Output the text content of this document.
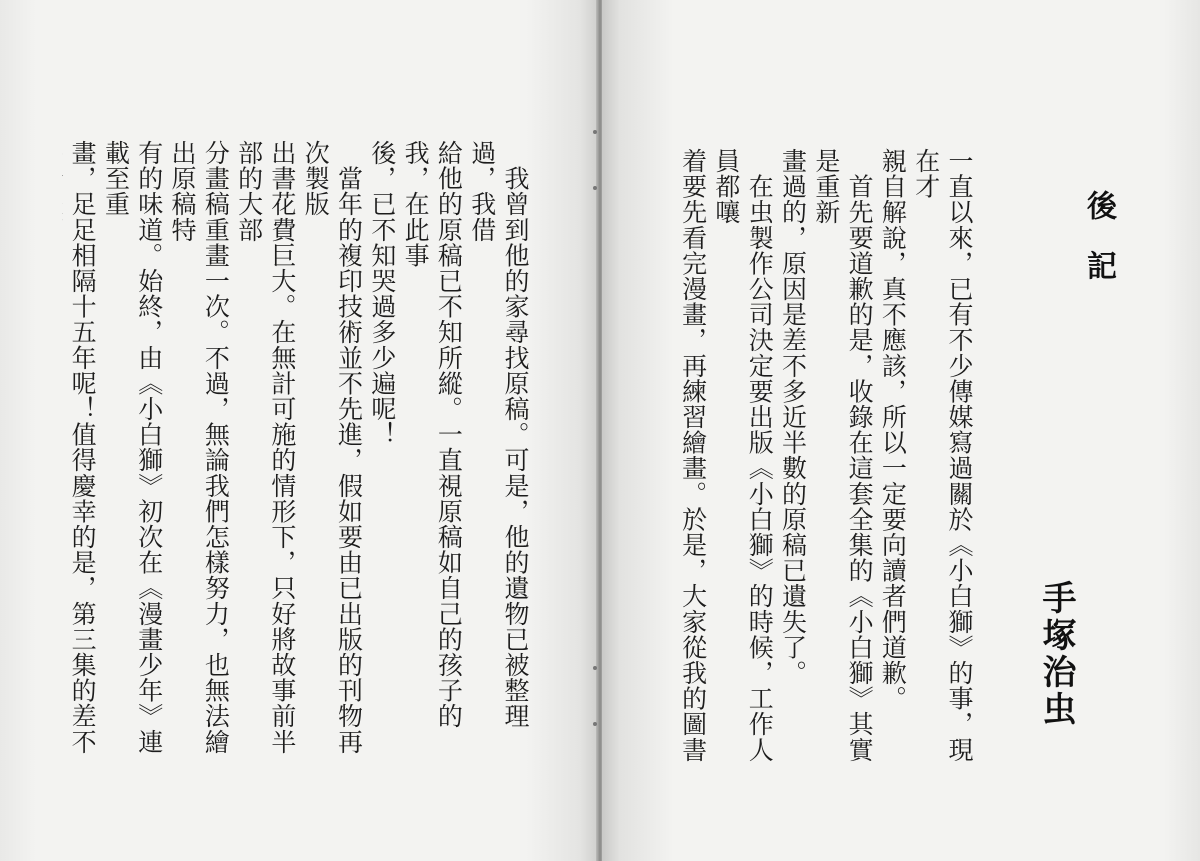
　我曾到他的家尋找原稿。可是，他的遺物已被整理過，我借
給他的原稿已不知所縱。一直視原稿如自己的孩子的我，在此事
後，已不知哭過多少遍呢！
　當年的複印技術並不先進，假如要由已出版的刊物再次製版
出書花費巨大。在無計可施的情形下，只好將故事前半部的大部
分畫稿重畫一次。不過，無論我們怎樣努力，也無法繪出原稿特
有的味道。始終，由《小白獅》初次在《漫畫少年》連載至重
畫，足足相隔十五年呢！值得慶幸的是，第三集的差不

後記

手塚治虫

一直以來，已有不少傳媒寫過關於《小白獅》的事，現在才
親自解說，真不應該，所以一定要向讀者們道歉。
　首先要道歉的是，收錄在這套全集的《小白獅》其實是重新
畫過的，原因是差不多近半數的原稿已遺失了。
　在虫製作公司決定要出版《小白獅》的時候，工作人員都嚷
着要先看完漫畫，再練習繪畫。於是，大家從我的圖書
